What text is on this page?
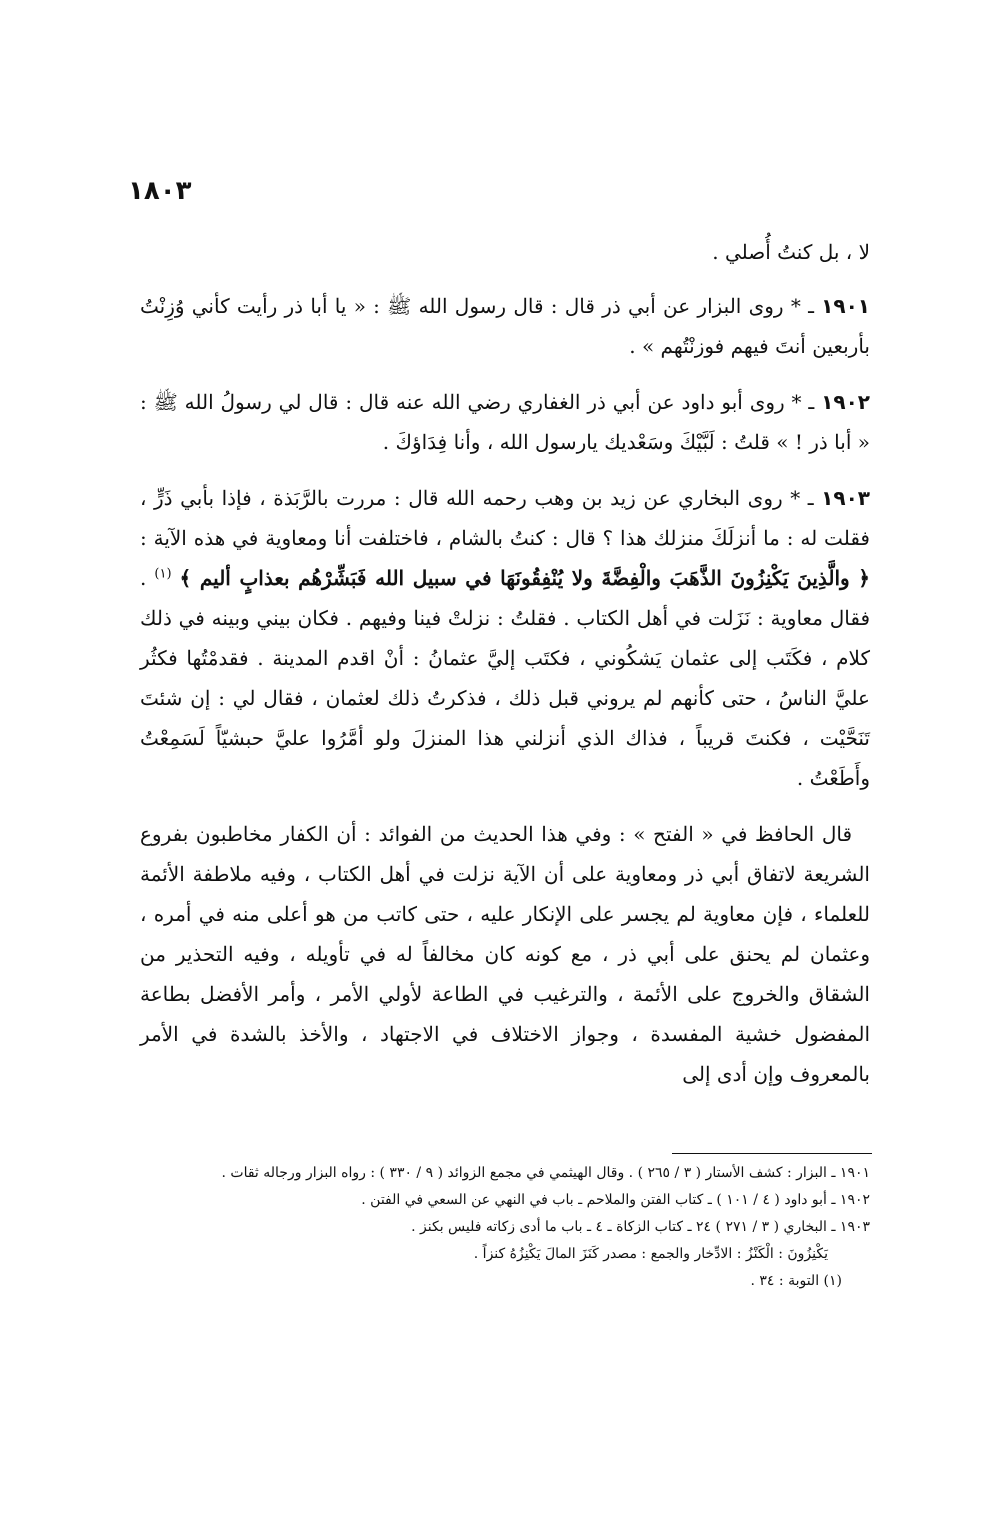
١٨٠٣

لا ، بل كنتُ أُصلي .

١٩٠١ ـ * روى البزار عن أبي ذر قال : قال رسول الله ﷺ : « يا أبا ذر رأيت كأني وُزِنْتُ بأربعين أنتَ فيهم فوزنْتُهم » .

١٩٠٢ ـ * روى أبو داود عن أبي ذر الغفاري رضي الله عنه قال : قال لي رسولُ الله ﷺ : « أبا ذر ! » قلتُ : لَبَّيْكَ وسَعْديك يارسول الله ، وأنا فِدَاؤكَ .

١٩٠٣ ـ * روى البخاري عن زيد بن وهب رحمه الله قال : مررت بالرَّبَذة ، فإذا بأبي ذَرٍّ ، فقلت له : ما أنزلَكَ منزلك هذا ؟ قال : كنتُ بالشام ، فاختلفت أنا ومعاوية في هذه الآية : ﴿ والَّذِينَ يَكْنِزُونَ الذَّهَبَ والْفِضَّةَ ولا يُنْفِقُونَهَا في سبيل الله فَبَشِّرْهُم بعذابٍ أليم ﴾ $^{(١)}$ . فقال معاوية : نَزَلت في أهل الكتاب . فقلتُ : نزلتْ فينا وفيهم . فكان بيني وبينه في ذلك كلام ، فكَتَب إلى عثمان يَشكُوني ، فكتَب إليَّ عثمانُ : أنْ اقدم المدينة . فقدمْتُها فكثُر عليَّ الناسُ ، حتى كأنهم لم يروني قبل ذلك ، فذكرتُ ذلك لعثمان ، فقال لي : إن شئتَ تَنَحَّيْت ، فكنتَ قريباً ، فذاك الذي أنزلني هذا المنزلَ ولو أمَّرُوا عليَّ حبشيّاً لَسَمِعْتُ وأَطَعْتُ .

قال الحافظ في « الفتح » : وفي هذا الحديث من الفوائد : أن الكفار مخاطبون بفروع الشريعة لاتفاق أبي ذر ومعاوية على أن الآية نزلت في أهل الكتاب ، وفيه ملاطفة الأئمة للعلماء ، فإن معاوية لم يجسر على الإنكار عليه ، حتى كاتب من هو أعلى منه في أمره ، وعثمان لم يحنق على أبي ذر ، مع كونه كان مخالفاً له في تأويله ، وفيه التحذير من الشقاق والخروج على الأئمة ، والترغيب في الطاعة لأولي الأمر ، وأمر الأفضل بطاعة المفضول خشية المفسدة ، وجواز الاختلاف في الاجتهاد ، والأخذ بالشدة في الأمر بالمعروف وإن أدى إلى

١٩٠١ ـ البزار : كشف الأستار ( ٣ / ٢٦٥ ) . وقال الهيثمي في مجمع الزوائد ( ٩ / ٣٣٠ ) : رواه البزار ورجاله ثقات .
١٩٠٢ ـ أبو داود ( ٤ / ١٠١ ) ـ كتاب الفتن والملاحم ـ باب في النهي عن السعي في الفتن .
١٩٠٣ ـ البخاري ( ٣ / ٢٧١ ) ٢٤ ـ كتاب الزكاة ـ ٤ ـ باب ما أدى زكاته فليس بكنز .
يَكْنِزُونَ : الْكَنْزُ : الادِّخار والجمع : مصدر كَنَزَ المالَ يَكْنِزُهُ كنزاً .
(١) التوبة : ٣٤ .
